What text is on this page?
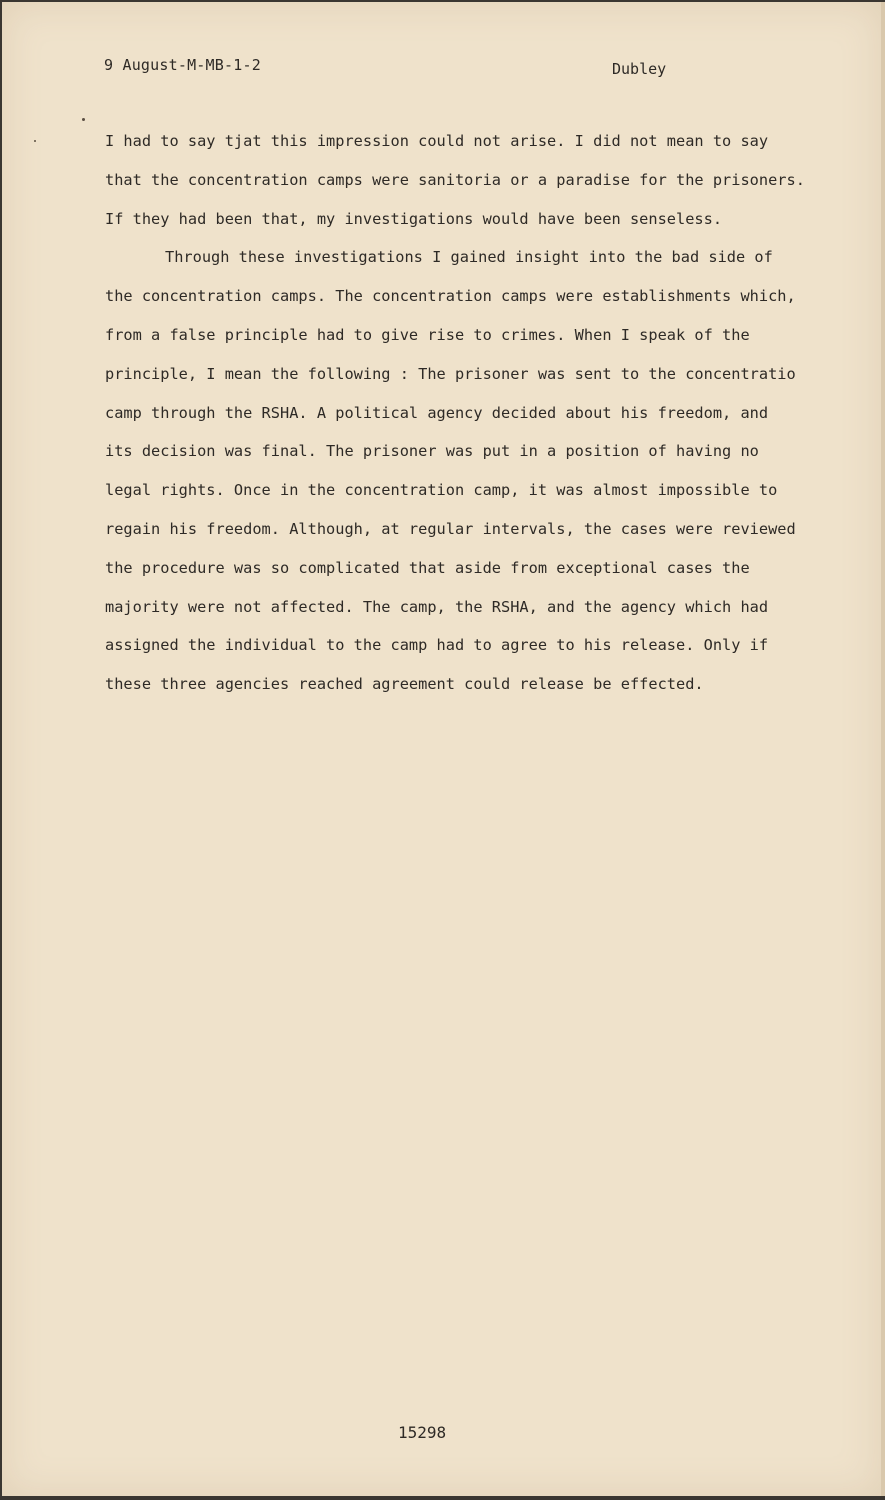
9 August-M-MB-1-2	Dubley
I had to say tjat this impression could not arise. I did not mean to say
that the concentration camps were sanitoria or a paradise for the prisoners.
If they had been that, my investigations would have been senseless.
Through these investigations I gained insight into the bad side of
the concentration camps. The concentration camps were establishments which,
from a false principle had to give rise to crimes. When I speak of the
principle, I mean the following : The prisoner was sent to the concentratio
camp through the RSHA. A political agency decided about his freedom, and
its decision was final. The prisoner was put in a position of having no
legal rights. Once in the concentration camp, it was almost impossible to
regain his freedom. Although, at regular intervals, the cases were reviewed
the procedure was so complicated that aside from exceptional cases the
majority were not affected. The camp, the RSHA, and the agency which had
assigned the individual to the camp had to agree to his release. Only if
these three agencies reached agreement could release be effected.
15298
